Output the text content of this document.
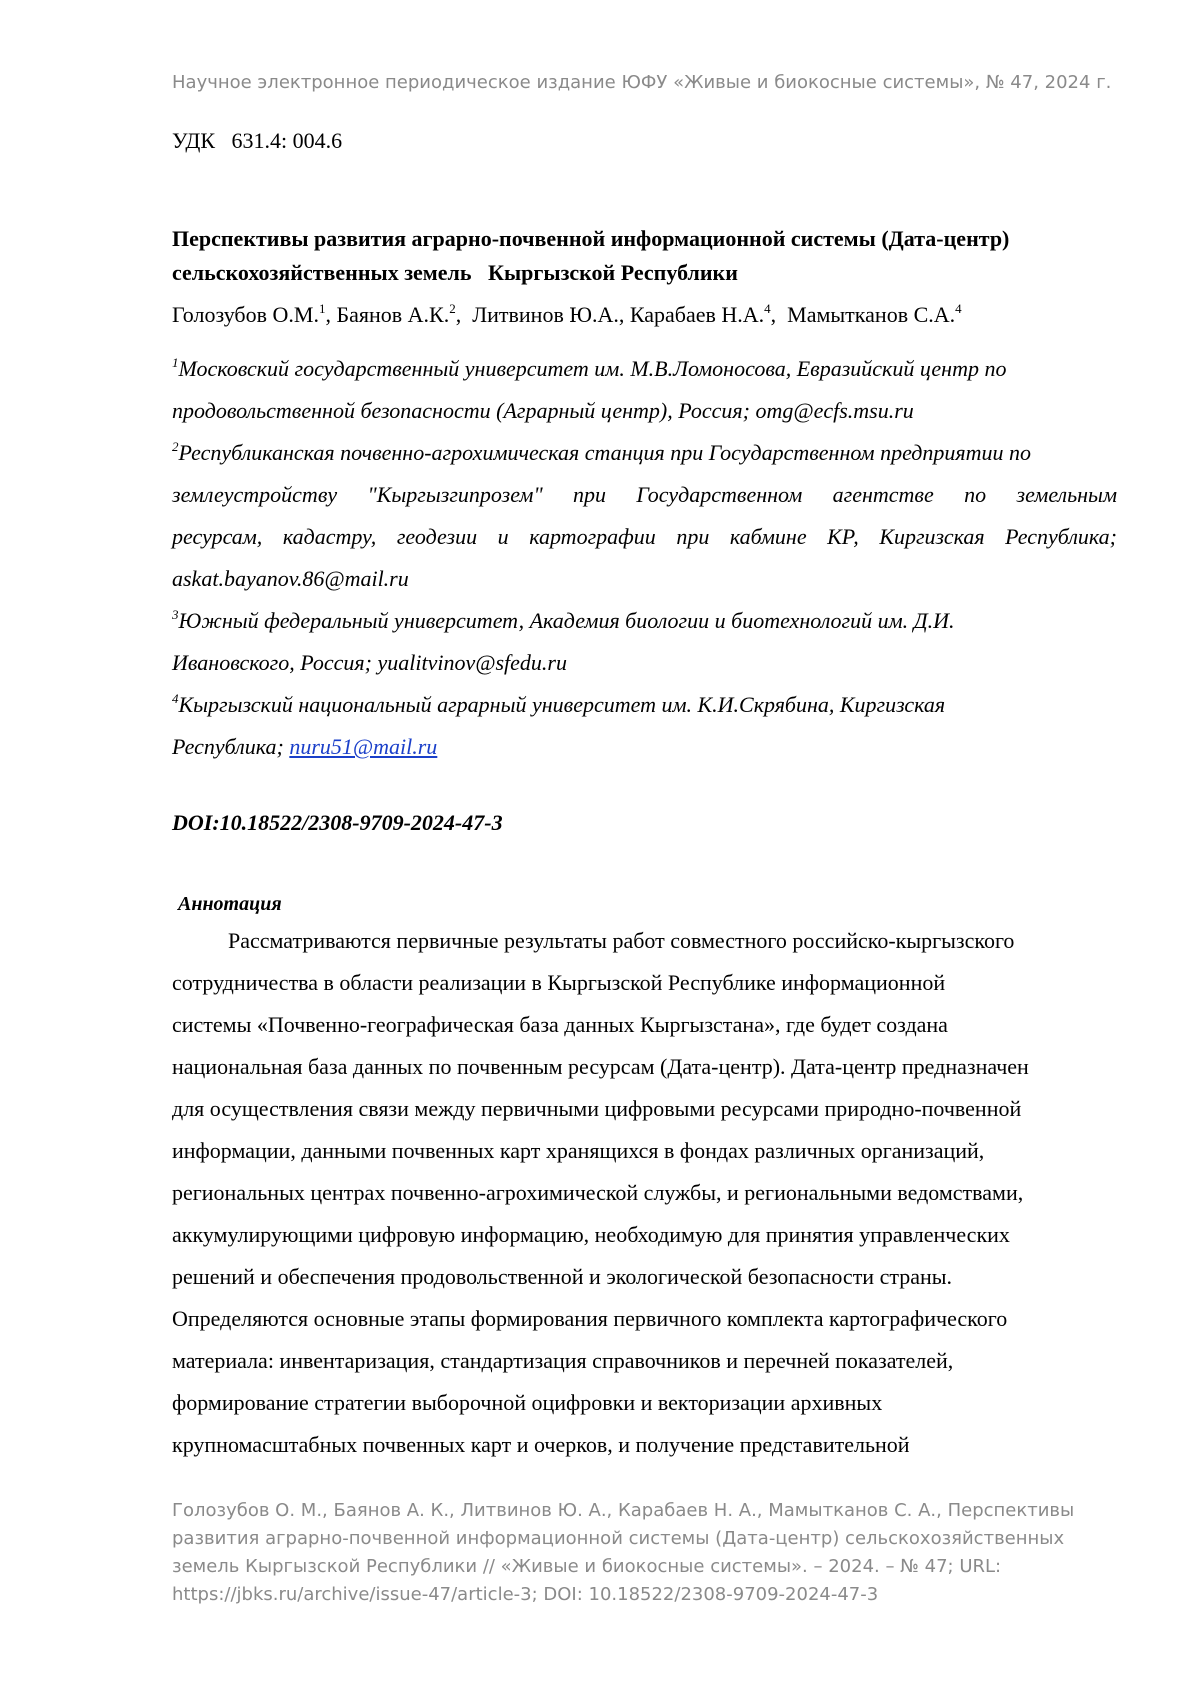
Научное электронное периодическое издание ЮФУ «Живые и биокосные системы», № 47, 2024 г.
УДК   631.4: 004.6
Перспективы развития аграрно-почвенной информационной системы (Дата-центр)
сельскохозяйственных земель   Кыргызской Республики
Голозубов О.М.$^1$, Баянов А.К.$^2$,  Литвинов Ю.А., Карабаев Н.А.$^4$,  Мамытканов С.А.$^4$
$^1$Московский государственный университет им. М.В.Ломоносова, Евразийский центр по
продовольственной безопасности (Аграрный центр), Россия; omg@ecfs.msu.ru
$^2$Республиканская почвенно-агрохимическая станция при Государственном предприятии по
землеустройству "Кыргызгипрозем" при Государственном агентстве по земельным
ресурсам, кадастру, геодезии и картографии при кабмине КР, Киргизская Республика;
askat.bayanov.86@mail.ru
$^3$Южный федеральный университет, Академия биологии и биотехнологий им. Д.И.
Ивановского, Россия; yualitvinov@sfedu.ru
$^4$Кыргызский национальный аграрный университет им. К.И.Скрябина, Киргизская
Республика; nuru51@mail.ru
DOI:10.18522/2308-9709-2024-47-3
Аннотация
Рассматриваются первичные результаты работ совместного российско-кыргызского
сотрудничества в области реализации в Кыргызской Республике информационной
системы «Почвенно-географическая база данных Кыргызстана», где будет создана
национальная база данных по почвенным ресурсам (Дата-центр). Дата-центр предназначен
для осуществления связи между первичными цифровыми ресурсами природно-почвенной
информации, данными почвенных карт хранящихся в фондах различных организаций,
региональных центрах почвенно-агрохимической службы, и региональными ведомствами,
аккумулирующими цифровую информацию, необходимую для принятия управленческих
решений и обеспечения продовольственной и экологической безопасности страны.
Определяются основные этапы формирования первичного комплекта картографического
материала: инвентаризация, стандартизация справочников и перечней показателей,
формирование стратегии выборочной оцифровки и векторизации архивных
крупномасштабных почвенных карт и очерков, и получение представительной
Голозубов О. М., Баянов А. К., Литвинов Ю. А., Карабаев Н. А., Мамытканов С. А., Перспективы
развития аграрно-почвенной информационной системы (Дата-центр) сельскохозяйственных
земель Кыргызской Республики // «Живые и биокосные системы». – 2024. – № 47; URL:
https://jbks.ru/archive/issue-47/article-3; DOI: 10.18522/2308-9709-2024-47-3
